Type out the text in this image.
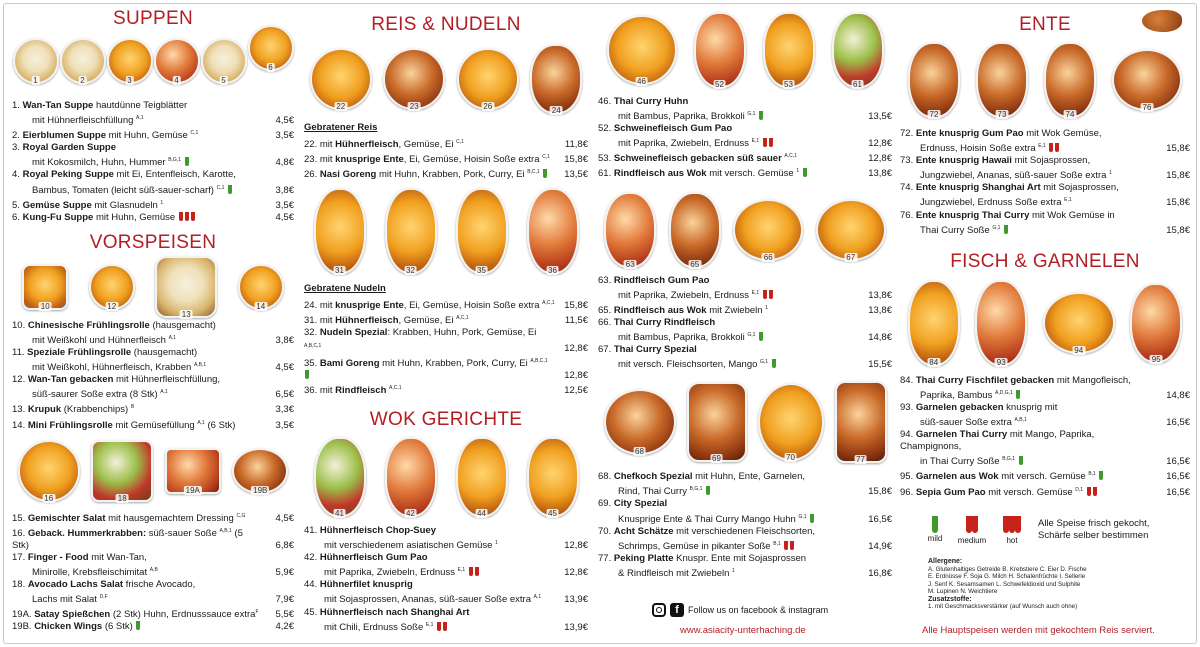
SUPPEN
1	2	3	4	5
6
1. Wan-Tan Suppe hautdünne Teigblätter
mit Hühnerfleischfüllung $^{A,1}$	4,5€
2. Eierblumen Suppe mit Huhn, Gemüse $^{C,1}$	3,5€
3. Royal Garden Suppe
mit Kokosmilch, Huhn, Hummer $^{B,G,1}$	4,8€
4. Royal Peking Suppe mit Ei, Entenfleisch, Karotte,
Bambus, Tomaten (leicht süß-sauer-scharf) $^{C,1}$	3,8€
5. Gemüse Suppe mit Glasnudeln $^1$	3,5€
6. Kung-Fu Suppe mit Huhn, Gemüse	4,5€
VORSPEISEN
10	12
13
14
10. Chinesische Frühlingsrolle (hausgemacht)
mit Weißkohl und Hühnerfleisch $^{A,1}$	3,8€
11. Speziale Frühlingsrolle (hausgemacht)
mit Weißkohl, Hühnerfleisch, Krabben $^{A,B,1}$	4,5€
12. Wan-Tan gebacken mit Hühnerfleischfüllung,
süß-saurer Soße extra (8 Stk) $^{A,1}$	6,5€
13. Krupuk (Krabbenchips) $^B$	3,3€
14. Mini Frühlingsrolle mit Gemüsefüllung $^{A,1}$ (6 Stk)	3,5€
16	18
19A	19B
15. Gemischter Salat mit hausgemachtem Dressing $^{C,G}$	4,5€
16. Geback. Hummerkrabben: süß-sauer Soße $^{A,B,1}$ (5 Stk)	6,8€
17. Finger - Food mit Wan-Tan,
Minirolle, Krebsfleischimitat $^{A,B}$	5,9€
18. Avocado Lachs Salat frische Avocado,
Lachs mit Salat $^{D,F}$	7,9€
19A. Satay Spießchen (2 Stk) Huhn, Erdnusssauce extra$^F$ 5,5€
19B. Chicken Wings (6 Stk)	4,2€
REIS & NUDELN
22	23	26	24
Gebratener Reis
22. mit Hühnerfleisch, Gemüse, Ei $^{C,1}$	11,8€
23. mit knusprige Ente, Ei, Gemüse, Hoisin Soße extra $^{C,1}$ 15,8€
26. Nasi Goreng mit Huhn, Krabben, Pork, Curry, Ei $^{B,C,1}$	13,5€
31	32	35	36
Gebratene Nudeln
24. mit knusprige Ente, Ei, Gemüse, Hoisin Soße extra $^{A,C,1}$ 15,8€
31. mit Hühnerfleisch, Gemüse, Ei $^{A,C,1}$	11,5€
32. Nudeln Spezial: Krabben, Huhn, Pork, Gemüse, Ei $^{A,B,C,1}$	12,8€
35. Bami Goreng mit Huhn, Krabben, Pork, Curry, Ei $^{A,B,C,1}$
12,8€
36. mit Rindfleisch $^{A,C,1}$	12,5€
WOK GERICHTE
41	42	44	45
41. Hühnerfleisch Chop-Suey
mit verschiedenem asiatischen Gemüse $^1$	12,8€
42. Hühnerfleisch Gum Pao
mit Paprika, Zwiebeln, Erdnuss $^{E,1}$	12,8€
44. Hühnerfilet knusprig
mit Sojasprossen, Ananas, süß-sauer Soße extra $^{A,1}$	13,9€
45. Hühnerfleisch nach Shanghai Art
mit Chili, Erdnuss Soße $^{E,1}$	13,9€
46	52	53	61
46. Thai Curry Huhn
mit Bambus, Paprika, Brokkoli $^{G,1}$	13,5€
52. Schweinefleisch Gum Pao
mit Paprika, Zwiebeln, Erdnuss $^{E,1}$	12,8€
53. Schweinefleisch gebacken süß sauer $^{A,C,1}$	12,8€
61. Rindfleisch aus Wok mit versch. Gemüse $^1$	13,8€
63	65
66	67
63. Rindfleisch Gum Pao
mit Paprika, Zwiebeln, Erdnuss $^{E,1}$	13,8€
65. Rindfleisch aus Wok mit Zwiebeln $^1$	13,8€
66. Thai Curry Rindfleisch
mit Bambus, Paprika, Brokkoli $^{G,1}$	14,8€
67. Thai Curry Spezial
mit versch. Fleischsorten, Mango $^{G,1}$	15,5€
68
69	70	77
68. Chefkoch Spezial mit Huhn, Ente, Garnelen,
Rind, Thai Curry $^{B,G,1}$	15,8€
69. City Spezial
Knusprige Ente & Thai Curry Mango Huhn $^{G,1}$	16,5€
70. Acht Schätze mit verschiedenen Fleischsorten,
Schrimps, Gemüse in pikanter Soße $^{B,1}$	14,9€
77. Peking Platte Knuspr. Ente mit Sojasprossen
& Rindfleisch mit Zwiebeln $^1$	16,8€
f	Follow us on facebook & instagram
www.asiacity-unterhaching.de
ENTE
72	73	74
76
72. Ente knusprig Gum Pao mit Wok Gemüse,
Erdnuss, Hoisin Soße extra $^{E,1}$	15,8€
73. Ente knusprig Hawaii mit Sojasprossen,
Jungzwiebel, Ananas, süß-sauer Soße extra $^1$	15,8€
74. Ente knusprig Shanghai Art mit Sojasprossen,
Jungzwiebel, Erdnuss Soße extra $^{E,1}$	15,8€
76. Ente knusprig Thai Curry mit Wok Gemüse in
Thai Curry Soße $^{G,1}$	15,8€
FISCH & GARNELEN
84	93
94
95
84. Thai Curry Fischfilet gebacken mit Mangofleisch,
Paprika, Bambus $^{A,D,G,1}$	14,8€
93. Garnelen gebacken knusprig mit
süß-sauer Soße extra $^{A,B,1}$	16,5€
94. Garnelen Thai Curry mit Mango, Paprika, Champignons,
in Thai Curry Soße $^{B,G,1}$	16,5€
95. Garnelen aus Wok mit versch. Gemüse $^{B,1}$	16,5€
96. Sepia Gum Pao mit versch. Gemüse $^{D,1}$	16,5€
mild	medium	hot
Alle Speise frisch gekocht,
Schärfe selber bestimmen
Allergene:
A. Glutenhaltiges Getreide B. Krebstiere C. Eier D. Fische
E. Erdnüsse F. Soja G. Milch H. Schalenfrüchte I. Sellerie
J. Senf K. Sesamsamen L. Schwefeldioxid und Sulphite
M. Lupinen N. Weichtiere
Zusatzstoffe:
1. mit Geschmacksverstärker (auf Wunsch auch ohne)
Alle Hauptspeisen werden mit gekochtem Reis serviert.
